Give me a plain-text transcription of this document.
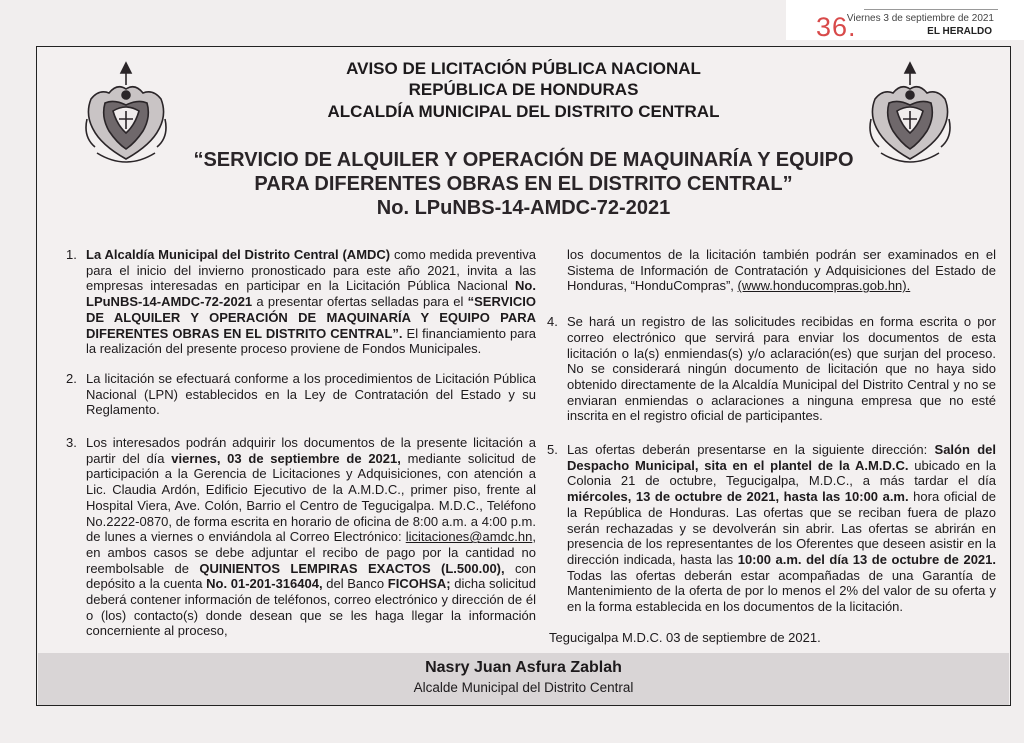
36.
Viernes 3 de septiembre de 2021
EL HERALDO
AVISO DE LICITACIÓN PÚBLICA NACIONAL
REPÚBLICA DE HONDURAS
ALCALDÍA MUNICIPAL DEL DISTRITO CENTRAL
“SERVICIO DE ALQUILER Y OPERACIÓN DE MAQUINARÍA Y EQUIPO
PARA DIFERENTES OBRAS EN EL DISTRITO CENTRAL”
No. LPuNBS-14-AMDC-72-2021
1. La Alcaldía Municipal del Distrito Central (AMDC) como medida preventiva para el inicio del invierno pronosticado para este año 2021, invita a las empresas interesadas en participar en la Licitación Pública Nacional No. LPuNBS-14-AMDC-72-2021 a presentar ofertas selladas para el “SERVICIO DE ALQUILER Y OPERACIÓN DE MAQUINARÍA Y EQUIPO PARA DIFERENTES OBRAS EN EL DISTRITO CENTRAL”. El financiamiento para la realización del presente proceso proviene de Fondos Municipales.
2. La licitación se efectuará conforme a los procedimientos de Licitación Pública Nacional (LPN) establecidos en la Ley de Contratación del Estado y su Reglamento.
3. Los interesados podrán adquirir los documentos de la presente licitación a partir del día viernes, 03 de septiembre de 2021, mediante solicitud de participación a la Gerencia de Licitaciones y Adquisiciones, con atención a Lic. Claudia Ardón, Edificio Ejecutivo de la A.M.D.C., primer piso, frente al Hospital Viera, Ave. Colón, Barrio el Centro de Tegucigalpa. M.D.C., Teléfono No.2222-0870, de forma escrita en horario de oficina de 8:00 a.m. a 4:00 p.m. de lunes a viernes o enviándola al Correo Electrónico: licitaciones@amdc.hn, en ambos casos se debe adjuntar el recibo de pago por la cantidad no reembolsable de QUINIENTOS LEMPIRAS EXACTOS (L.500.00), con depósito a la cuenta No. 01-201-316404, del Banco FICOHSA; dicha solicitud deberá contener información de teléfonos, correo electrónico y dirección de él o (los) contacto(s) donde desean que se les haga llegar la información concerniente al proceso,
los documentos de la licitación también podrán ser examinados en el Sistema de Información de Contratación y Adquisiciones del Estado de Honduras, “HonduCompras”, (www.honducompras.gob.hn).
4. Se hará un registro de las solicitudes recibidas en forma escrita o por correo electrónico que servirá para enviar los documentos de esta licitación o la(s) enmiendas(s) y/o aclaración(es) que surjan del proceso. No se considerará ningún documento de licitación que no haya sido obtenido directamente de la Alcaldía Municipal del Distrito Central y no se enviaran enmiendas o aclaraciones a ninguna empresa que no esté inscrita en el registro oficial de participantes.
5. Las ofertas deberán presentarse en la siguiente dirección: Salón del Despacho Municipal, sita en el plantel de la A.M.D.C. ubicado en la Colonia 21 de octubre, Tegucigalpa, M.D.C., a más tardar el día miércoles, 13 de octubre de 2021, hasta las 10:00 a.m. hora oficial de la República de Honduras. Las ofertas que se reciban fuera de plazo serán rechazadas y se devolverán sin abrir. Las ofertas se abrirán en presencia de los representantes de los Oferentes que deseen asistir en la dirección indicada, hasta las 10:00 a.m. del día 13 de octubre de 2021. Todas las ofertas deberán estar acompañadas de una Garantía de Mantenimiento de la oferta de por lo menos el 2% del valor de su oferta y en la forma establecida en los documentos de la licitación.
Tegucigalpa M.D.C. 03 de septiembre de 2021.
Nasry Juan Asfura Zablah
Alcalde Municipal del Distrito Central
